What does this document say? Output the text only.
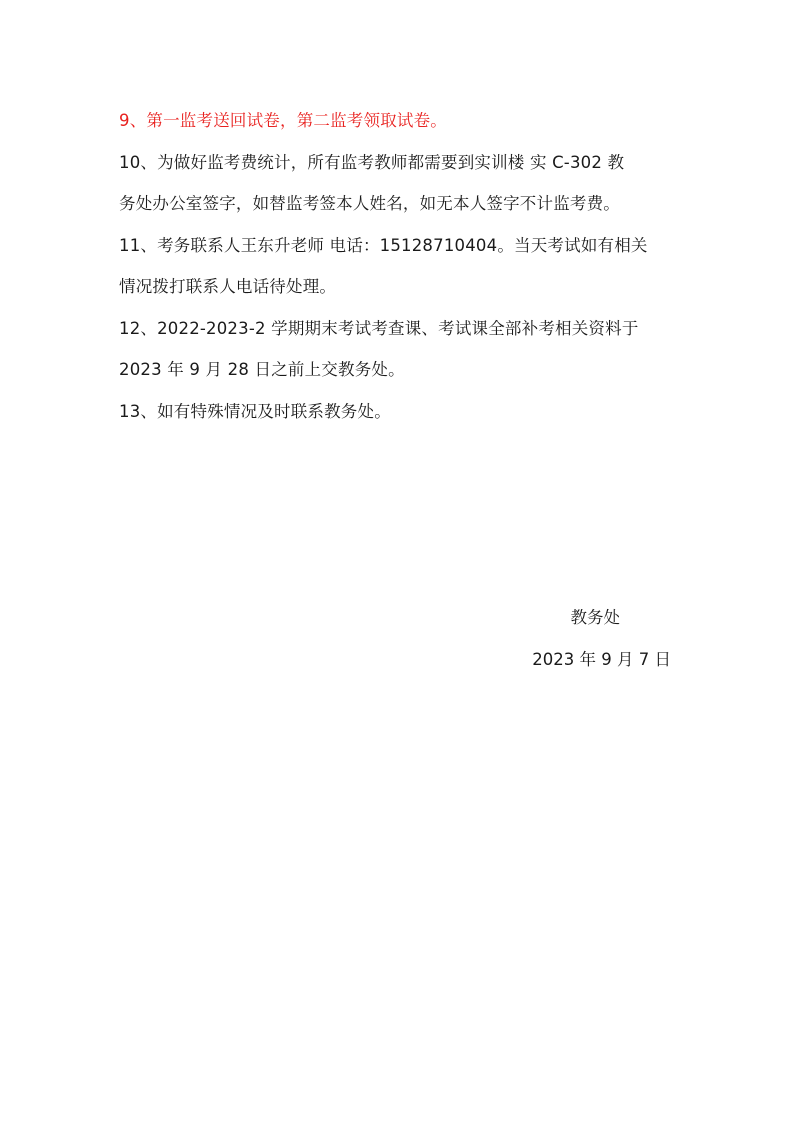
9、第一监考送回试卷，第二监考领取试卷。

10、为做好监考费统计，所有监考教师都需要到实训楼 实 C-302 教

务处办公室签字，如替监考签本人姓名，如无本人签字不计监考费。

11、考务联系人王东升老师 电话：15128710404。当天考试如有相关

情况拨打联系人电话待处理。

12、2022-2023-2 学期期末考试考查课、考试课全部补考相关资料于

2023 年 9 月 28 日之前上交教务处。

13、如有特殊情况及时联系教务处。

教务处

2023 年 9 月 7 日
